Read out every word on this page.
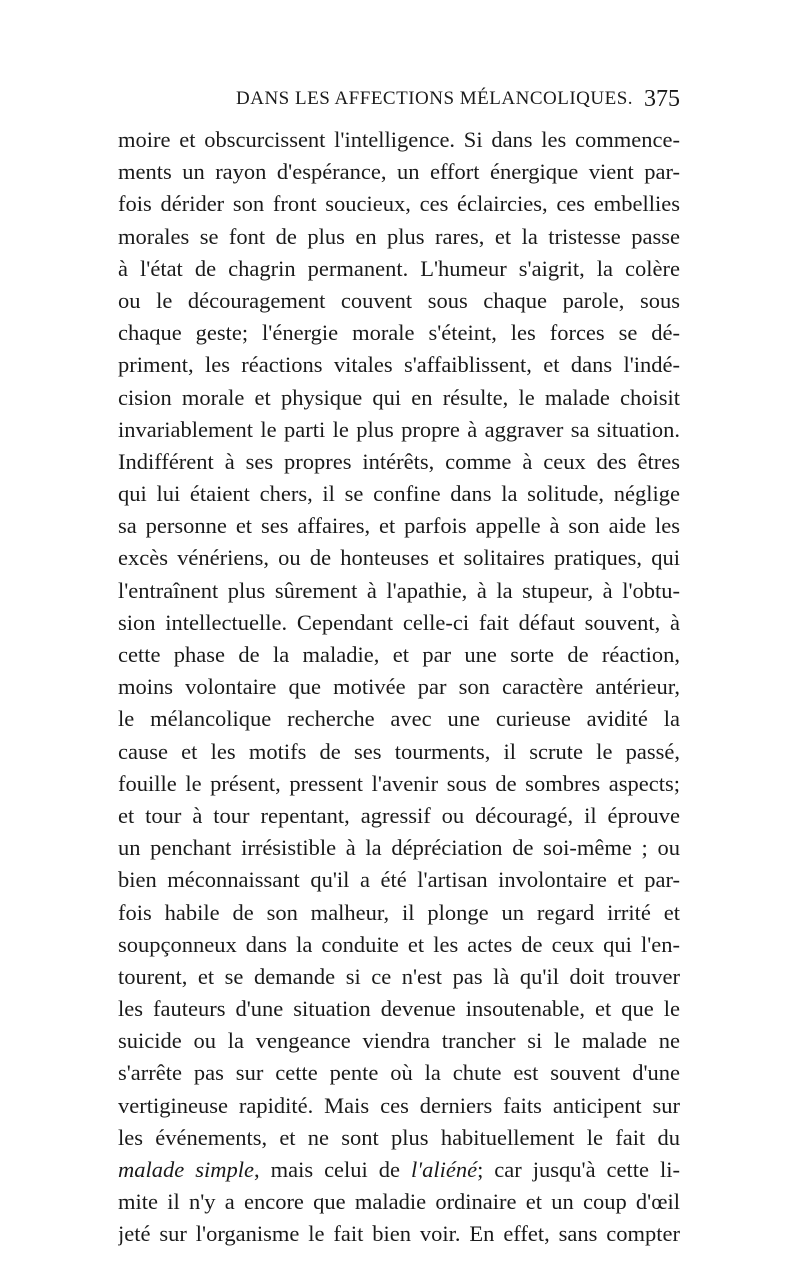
DANS LES AFFECTIONS MÉLANCOLIQUES. 375
moire et obscurcissent l'intelligence. Si dans les commence-
ments un rayon d'espérance, un effort énergique vient par-
fois dérider son front soucieux, ces éclaircies, ces embellies
morales se font de plus en plus rares, et la tristesse passe
à l'état de chagrin permanent. L'humeur s'aigrit, la colère
ou le découragement couvent sous chaque parole, sous
chaque geste; l'énergie morale s'éteint, les forces se dé-
priment, les réactions vitales s'affaiblissent, et dans l'indé-
cision morale et physique qui en résulte, le malade choisit
invariablement le parti le plus propre à aggraver sa situation.
Indifférent à ses propres intérêts, comme à ceux des êtres
qui lui étaient chers, il se confine dans la solitude, néglige
sa personne et ses affaires, et parfois appelle à son aide les
excès vénériens, ou de honteuses et solitaires pratiques, qui
l'entraînent plus sûrement à l'apathie, à la stupeur, à l'obtu-
sion intellectuelle. Cependant celle-ci fait défaut souvent, à
cette phase de la maladie, et par une sorte de réaction,
moins volontaire que motivée par son caractère antérieur,
le mélancolique recherche avec une curieuse avidité la
cause et les motifs de ses tourments, il scrute le passé,
fouille le présent, pressent l'avenir sous de sombres aspects;
et tour à tour repentant, agressif ou découragé, il éprouve
un penchant irrésistible à la dépréciation de soi-même ; ou
bien méconnaissant qu'il a été l'artisan involontaire et par-
fois habile de son malheur, il plonge un regard irrité et
soupçonneux dans la conduite et les actes de ceux qui l'en-
tourent, et se demande si ce n'est pas là qu'il doit trouver
les fauteurs d'une situation devenue insoutenable, et que le
suicide ou la vengeance viendra trancher si le malade ne
s'arrête pas sur cette pente où la chute est souvent d'une
vertigineuse rapidité. Mais ces derniers faits anticipent sur
les événements, et ne sont plus habituellement le fait du
malade simple, mais celui de l'aliéné; car jusqu'à cette li-
mite il n'y a encore que maladie ordinaire et un coup d'œil
jeté sur l'organisme le fait bien voir. En effet, sans compter
